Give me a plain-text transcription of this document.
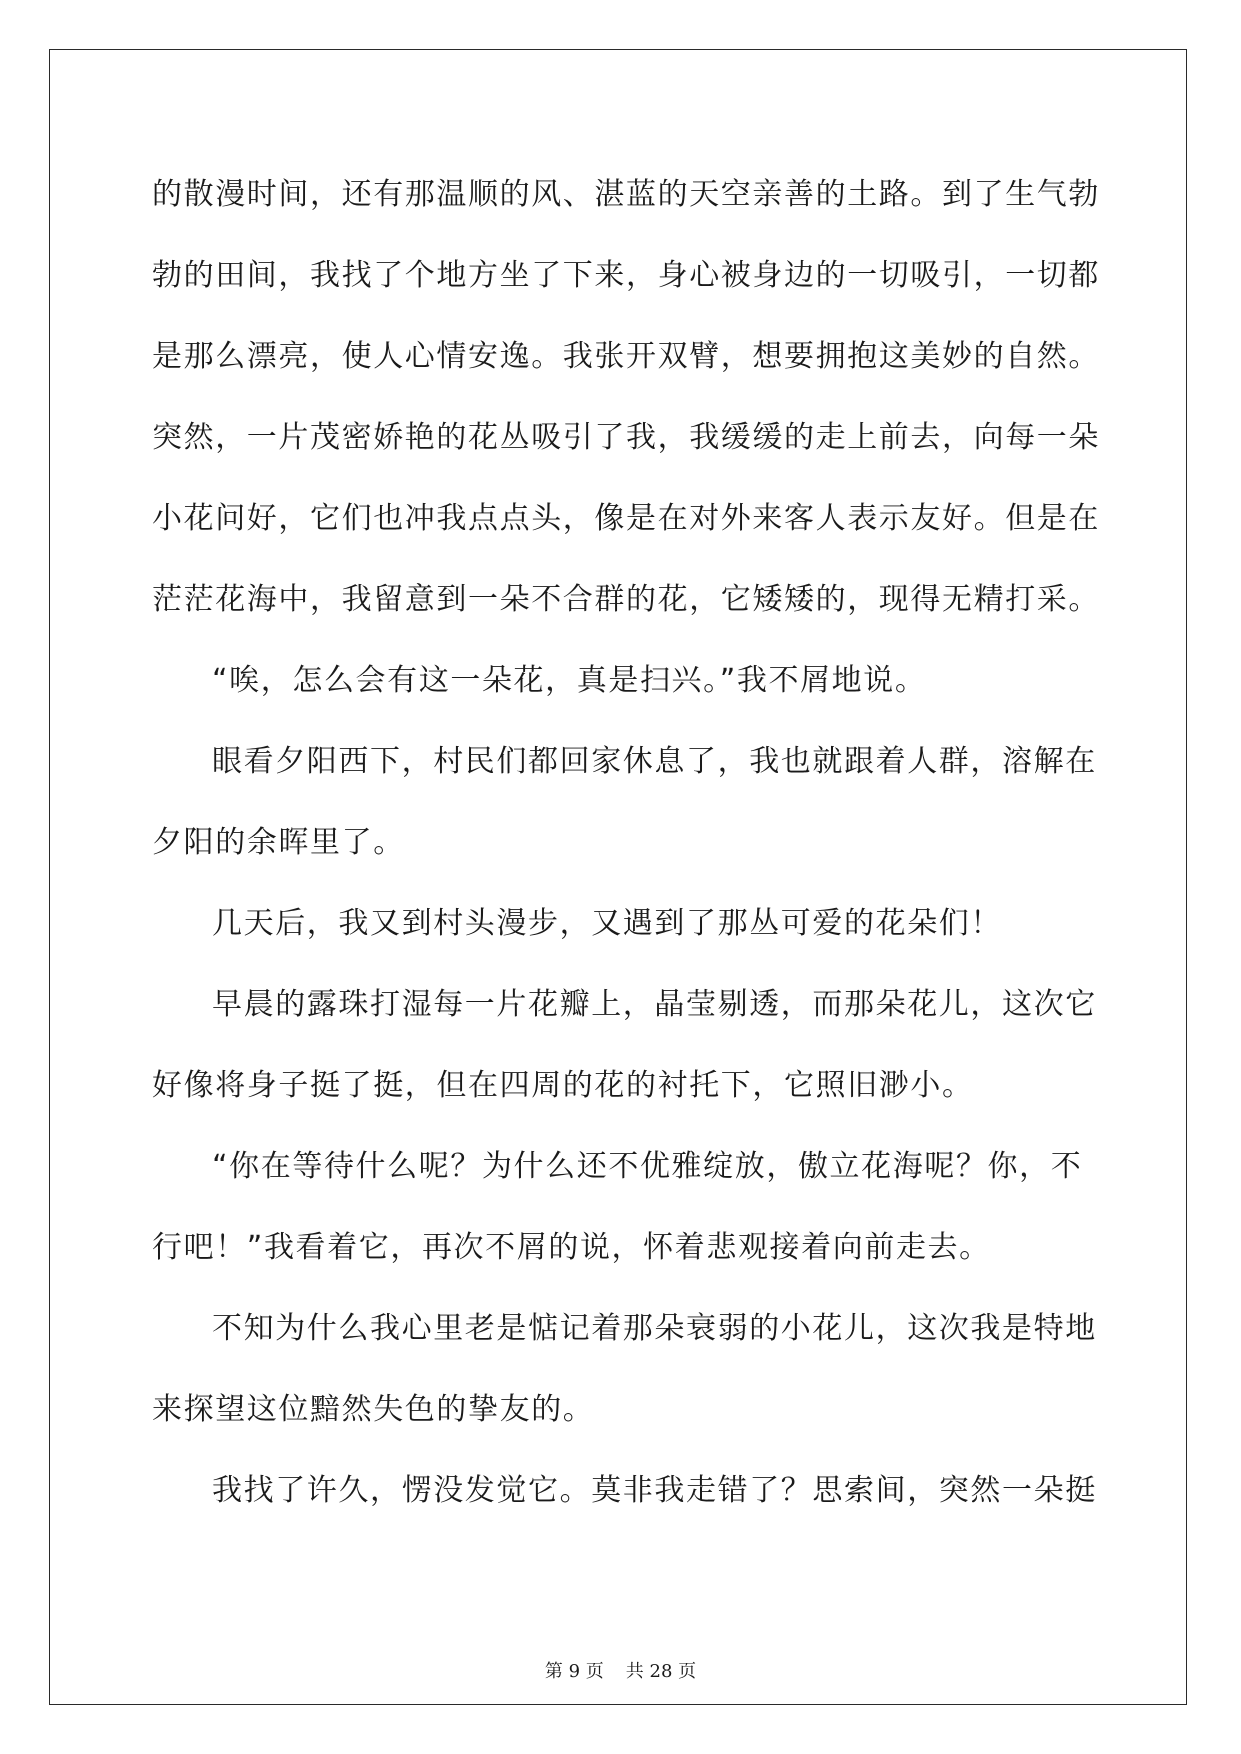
的散漫时间，还有那温顺的风、湛蓝的天空亲善的土路。到了生气勃
勃的田间，我找了个地方坐了下来，身心被身边的一切吸引，一切都
是那么漂亮，使人心情安逸。我张开双臂，想要拥抱这美妙的自然。
突然，一片茂密娇艳的花丛吸引了我，我缓缓的走上前去，向每一朵
小花问好，它们也冲我点点头，像是在对外来客人表示友好。但是在
茫茫花海中，我留意到一朵不合群的花，它矮矮的，现得无精打采。
“唉，怎么会有这一朵花，真是扫兴。”我不屑地说。
眼看夕阳西下，村民们都回家休息了，我也就跟着人群，溶解在
夕阳的余晖里了。
几天后，我又到村头漫步，又遇到了那丛可爱的花朵们！
早晨的露珠打湿每一片花瓣上，晶莹剔透，而那朵花儿，这次它
好像将身子挺了挺，但在四周的花的衬托下，它照旧渺小。
“你在等待什么呢？为什么还不优雅绽放，傲立花海呢？你，不
行吧！”我看着它，再次不屑的说，怀着悲观接着向前走去。
不知为什么我心里老是惦记着那朵衰弱的小花儿，这次我是特地
来探望这位黯然失色的挚友的。
我找了许久，愣没发觉它。莫非我走错了？思索间，突然一朵挺
第 9 页 共 28 页
